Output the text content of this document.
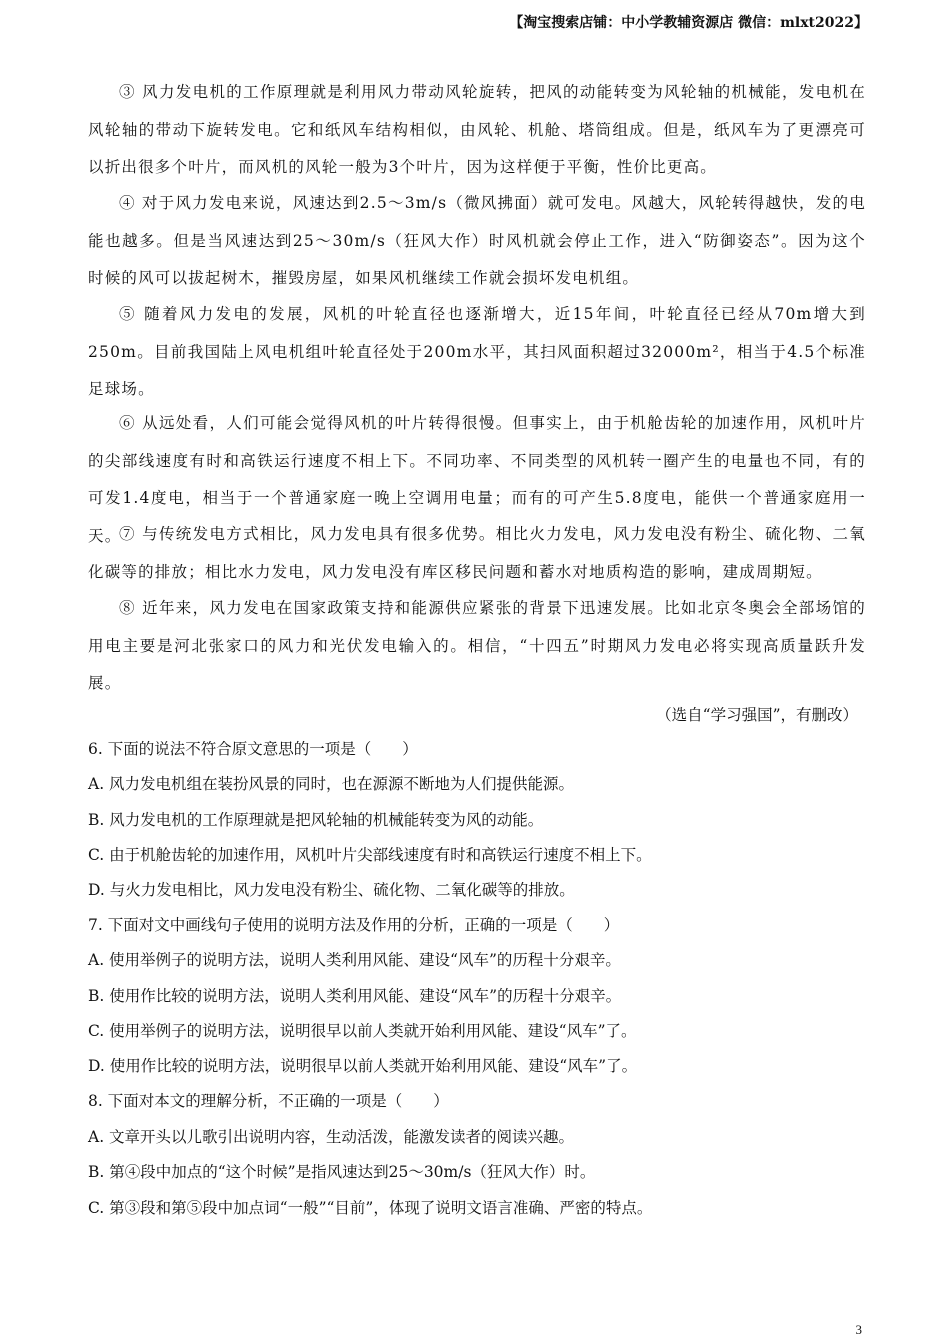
【淘宝搜索店铺：中小学教辅资源店 微信：mlxt2022】
③ 风力发电机的工作原理就是利用风力带动风轮旋转，把风的动能转变为风轮轴的机械能，发电机在风轮轴的带动下旋转发电。它和纸风车结构相似，由风轮、机舱、塔筒组成。但是，纸风车为了更漂亮可以折出很多个叶片，而风机的风轮一般为3个叶片，因为这样便于平衡，性价比更高。
④ 对于风力发电来说，风速达到2.5～3m/s（微风拂面）就可发电。风越大，风轮转得越快，发的电能也越多。但是当风速达到25～30m/s（狂风大作）时风机就会停止工作，进入“防御姿态”。因为这个时候的风可以拔起树木，摧毁房屋，如果风机继续工作就会损坏发电机组。
⑤ 随着风力发电的发展，风机的叶轮直径也逐渐增大，近15年间，叶轮直径已经从70m增大到250m。目前我国陆上风电机组叶轮直径处于200m水平，其扫风面积超过32000m²，相当于4.5个标准足球场。
⑥ 从远处看，人们可能会觉得风机的叶片转得很慢。但事实上，由于机舱齿轮的加速作用，风机叶片的尖部线速度有时和高铁运行速度不相上下。不同功率、不同类型的风机转一圈产生的电量也不同，有的可发1.4度电，相当于一个普通家庭一晚上空调用电量；而有的可产生5.8度电，能供一个普通家庭用一天。
⑦ 与传统发电方式相比，风力发电具有很多优势。相比火力发电，风力发电没有粉尘、硫化物、二氧化碳等的排放；相比水力发电，风力发电没有库区移民问题和蓄水对地质构造的影响，建成周期短。
⑧ 近年来，风力发电在国家政策支持和能源供应紧张的背景下迅速发展。比如北京冬奥会全部场馆的用电主要是河北张家口的风力和光伏发电输入的。相信，“十四五”时期风力发电必将实现高质量跃升发展。
（选自“学习强国”，有删改）
6. 下面的说法不符合原文意思的一项是（　　）
A. 风力发电机组在装扮风景的同时，也在源源不断地为人们提供能源。
B. 风力发电机的工作原理就是把风轮轴的机械能转变为风的动能。
C. 由于机舱齿轮的加速作用，风机叶片尖部线速度有时和高铁运行速度不相上下。
D. 与火力发电相比，风力发电没有粉尘、硫化物、二氧化碳等的排放。
7. 下面对文中画线句子使用的说明方法及作用的分析，正确的一项是（　　）
A. 使用举例子的说明方法，说明人类利用风能、建设“风车”的历程十分艰辛。
B. 使用作比较的说明方法，说明人类利用风能、建设“风车”的历程十分艰辛。
C. 使用举例子的说明方法，说明很早以前人类就开始利用风能、建设“风车”了。
D. 使用作比较的说明方法，说明很早以前人类就开始利用风能、建设“风车”了。
8. 下面对本文的理解分析，不正确的一项是（　　）
A. 文章开头以儿歌引出说明内容，生动活泼，能激发读者的阅读兴趣。
B. 第④段中加点的“这个时候”是指风速达到25～30m/s（狂风大作）时。
C. 第③段和第⑤段中加点词“一般”“目前”，体现了说明文语言准确、严密的特点。
3
